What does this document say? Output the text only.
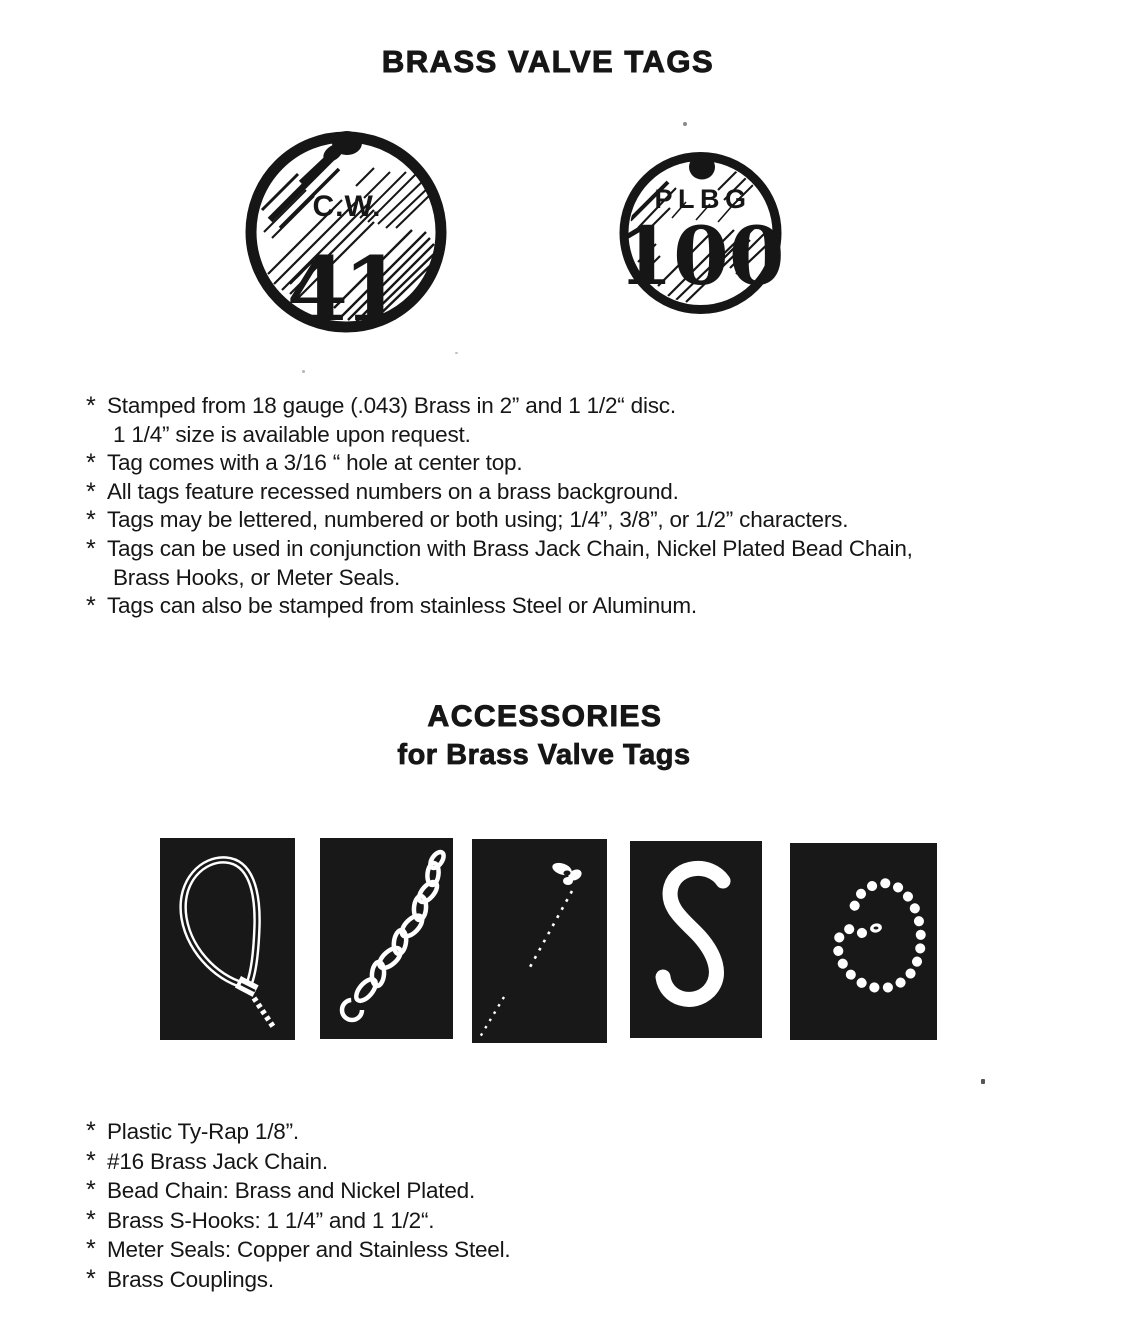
BRASS VALVE TAGS
C.W.
41
PLBG
100
* Stamped from 18 gauge (.043) Brass in 2” and 1 1/2“ disc.
1 1/4” size is available upon request.
* Tag comes with a 3/16 “ hole at center top.
* All tags feature recessed numbers on a brass background.
* Tags may be lettered, numbered or both using; 1/4”, 3/8”, or 1/2” characters.
* Tags can be used in conjunction with Brass Jack Chain, Nickel Plated Bead Chain,
Brass Hooks, or Meter Seals.
* Tags can also be stamped from stainless Steel or Aluminum.
ACCESSORIES
for Brass Valve Tags
* Plastic Ty-Rap 1/8”.
* #16 Brass Jack Chain.
* Bead Chain: Brass and Nickel Plated.
* Brass S-Hooks: 1 1/4” and 1 1/2“.
* Meter Seals: Copper and Stainless Steel.
* Brass Couplings.
